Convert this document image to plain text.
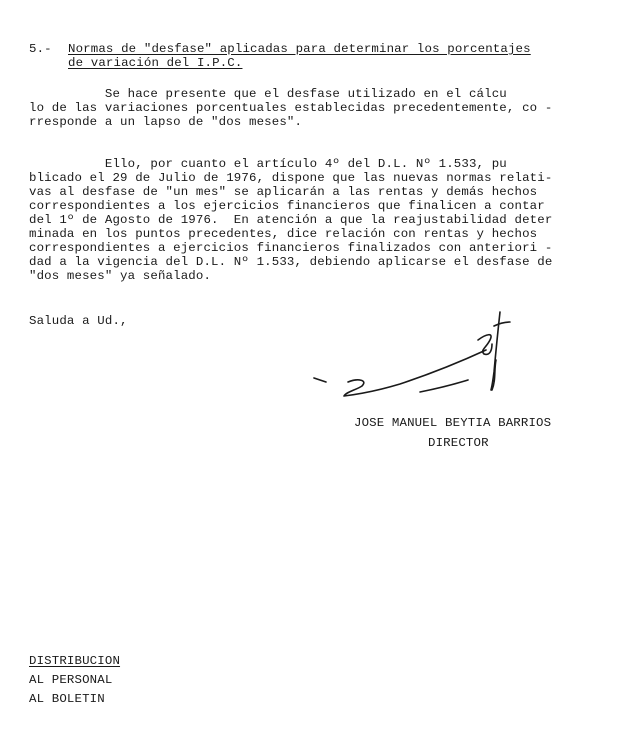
5.- Normas de "desfase" aplicadas para determinar los porcentajes
de variación del I.P.C.
Se hace presente que el desfase utilizado en el cálcu
lo de las variaciones porcentuales establecidas precedentemente, co -
rresponde a un lapso de "dos meses".
Ello, por cuanto el artículo 4º del D.L. Nº 1.533, pu
blicado el 29 de Julio de 1976, dispone que las nuevas normas relati-
vas al desfase de "un mes" se aplicarán a las rentas y demás hechos
correspondientes a los ejercicios financieros que finalicen a contar
del 1º de Agosto de 1976.  En atención a que la reajustabilidad deter
minada en los puntos precedentes, dice relación con rentas y hechos
correspondientes a ejercicios financieros finalizados con anteriori -
dad a la vigencia del D.L. Nº 1.533, debiendo aplicarse el desfase de
"dos meses" ya señalado.
Saluda a Ud.,
JOSE MANUEL BEYTIA BARRIOS
DIRECTOR
DISTRIBUCION
AL PERSONAL
AL BOLETIN
